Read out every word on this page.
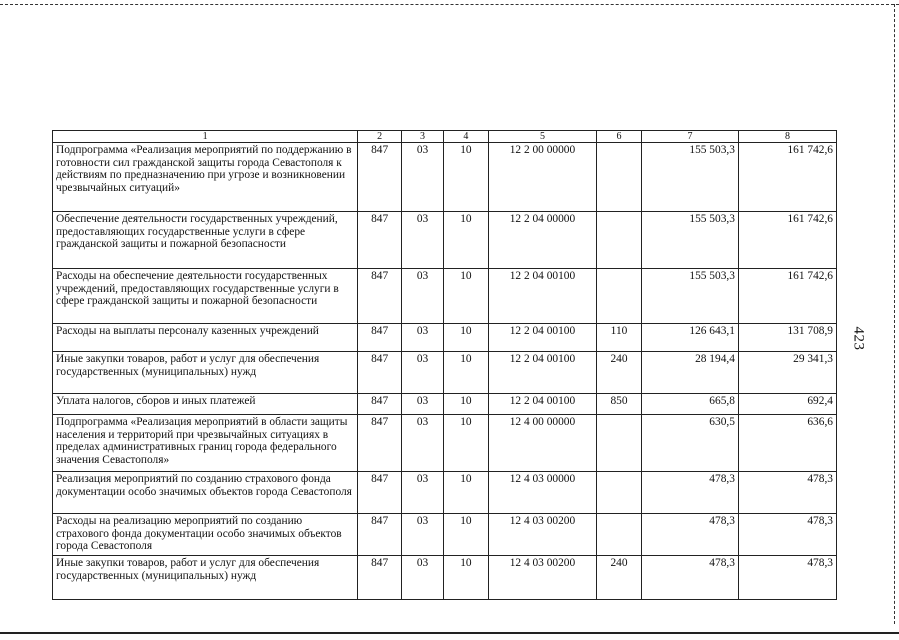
423
1	2	3	4	5	6	7	8
Подпрограмма «Реализация мероприятий по поддержанию в готовности сил гражданской защиты города Севастополя к действиям по предназначению при угрозе и возникновении чрезвычайных ситуаций»	847	03	10	12 2 00 00000		155 503,3	161 742,6
Обеспечение деятельности государственных учреждений, предоставляющих государственные услуги в сфере гражданской защиты и пожарной безопасности	847	03	10	12 2 04 00000		155 503,3	161 742,6
Расходы на обеспечение деятельности государственных учреждений, предоставляющих государственные услуги в сфере гражданской защиты и пожарной безопасности	847	03	10	12 2 04 00100		155 503,3	161 742,6
Расходы на выплаты персоналу казенных учреждений	847	03	10	12 2 04 00100	110	126 643,1	131 708,9
Иные закупки товаров, работ и услуг для обеспечения государственных (муниципальных) нужд	847	03	10	12 2 04 00100	240	28 194,4	29 341,3
Уплата налогов, сборов и иных платежей	847	03	10	12 2 04 00100	850	665,8	692,4
Подпрограмма «Реализация мероприятий в области защиты населения и территорий при чрезвычайных ситуациях в пределах административных границ города федерального значения Севастополя»	847	03	10	12 4 00 00000		630,5	636,6
Реализация мероприятий по созданию страхового фонда документации особо значимых объектов города Севастополя	847	03	10	12 4 03 00000		478,3	478,3
Расходы на реализацию мероприятий по созданию страхового фонда документации особо значимых объектов города Севастополя	847	03	10	12 4 03 00200		478,3	478,3
Иные закупки товаров, работ и услуг для обеспечения государственных (муниципальных) нужд	847	03	10	12 4 03 00200	240	478,3	478,3
